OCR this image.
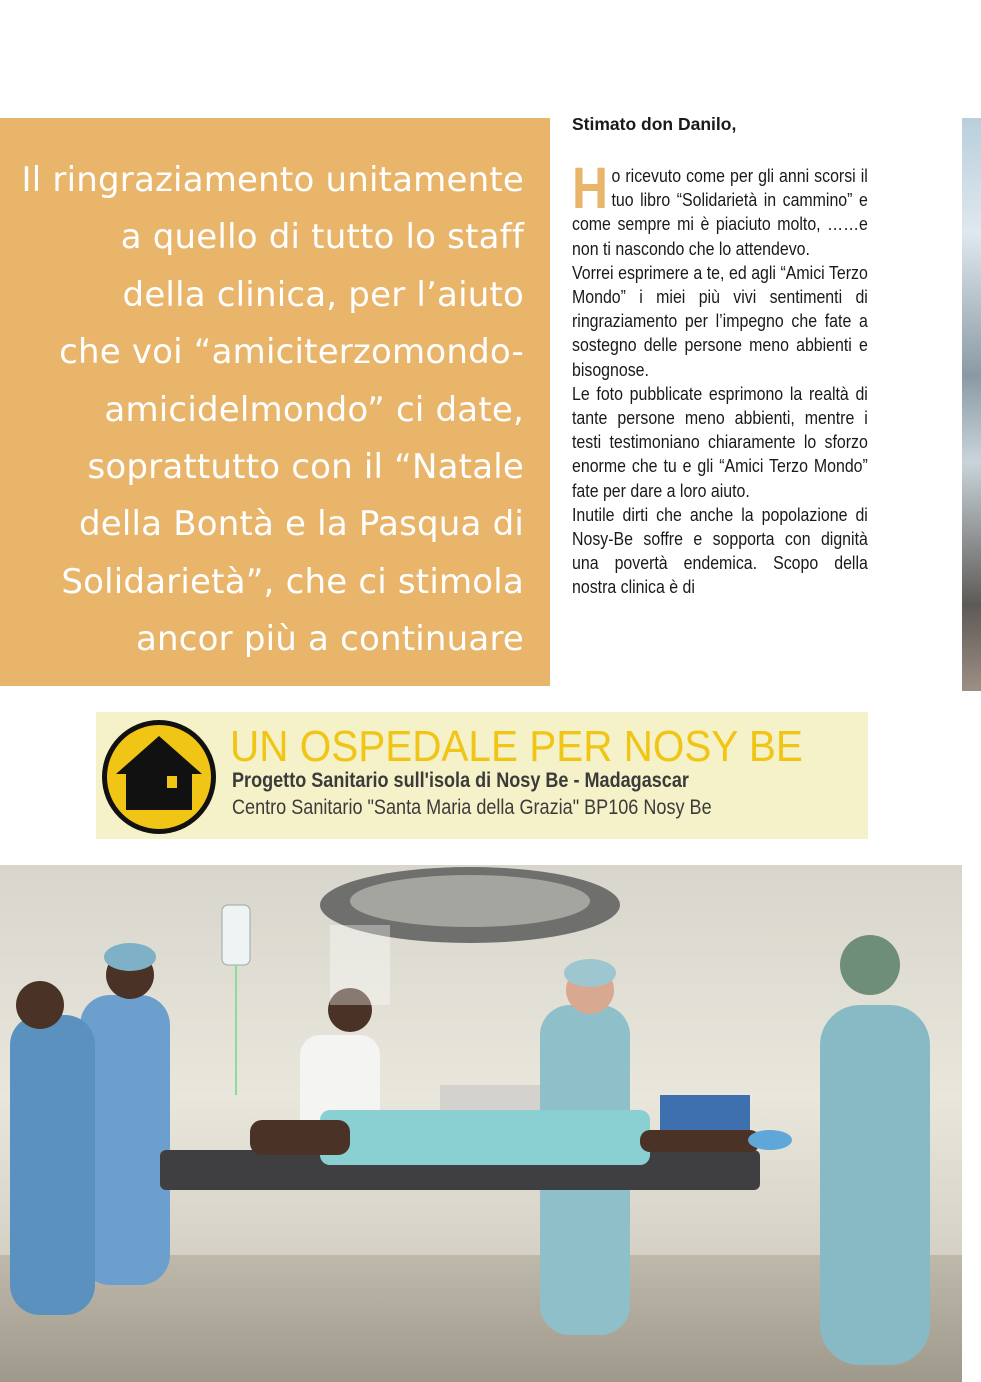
Il ringraziamento unitamente
a quello di tutto lo staff
della clinica, per l’aiuto
che voi “amiciterzomondo-
amicidelmondo” ci date,
soprattutto con il “Natale
della Bontà e la Pasqua di
Solidarietà”, che ci stimola
ancor più a continuare
Stimato don Danilo,

Ho ricevuto come per gli anni scorsi il tuo libro “Solidarietà in cammino” e come sempre mi è piaciuto molto, ……e non ti nascondo che lo attendevo.

Vorrei esprimere a te, ed agli “Amici Terzo Mondo” i miei più vivi sentimenti di ringraziamento per l’impegno che fate a sostegno delle persone meno abbienti e bisognose.

Le foto pubblicate esprimono la realtà di tante persone meno abbienti, mentre i testi testimoniano chiaramente lo sforzo enorme che tu e gli “Amici Terzo Mondo” fate per dare a loro aiuto.

Inutile dirti che anche la popolazione di Nosy-Be soffre e sopporta con dignità una povertà endemica. Scopo della nostra clinica è di

UN OSPEDALE PER NOSY BE
Progetto Sanitario sull'isola di Nosy Be - Madagascar
Centro Sanitario "Santa Maria della Grazia" BP106 Nosy Be
